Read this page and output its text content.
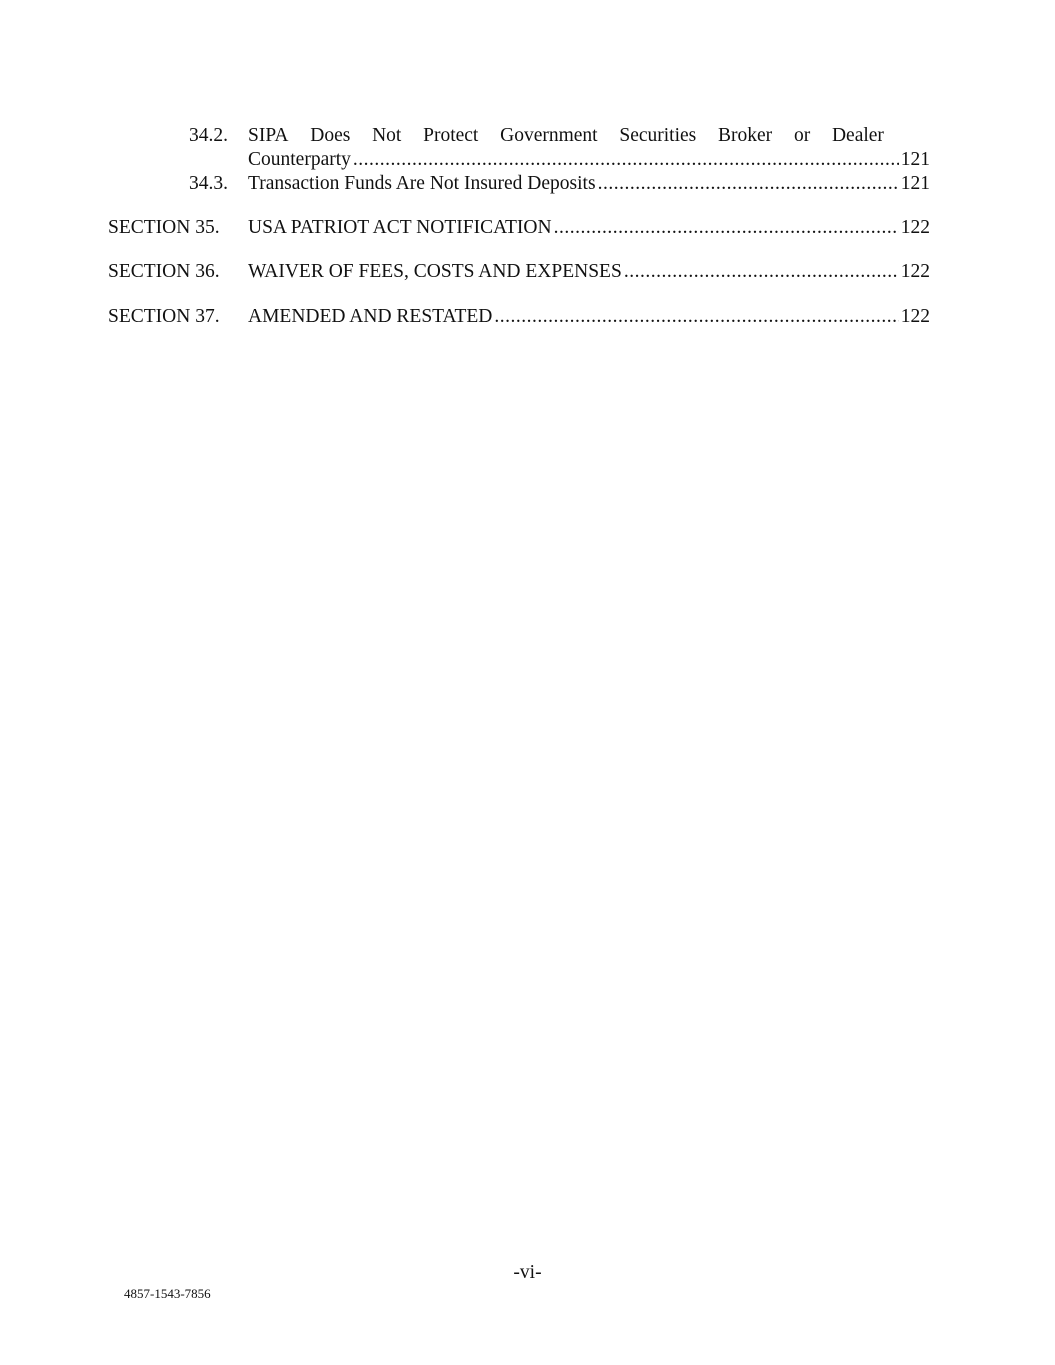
34.2. SIPA Does Not Protect Government Securities Broker or Dealer
Counterparty .....	121
34.3. Transaction Funds Are Not Insured Deposits .....	121
SECTION 35. USA PATRIOT ACT NOTIFICATION .....	122
SECTION 36. WAIVER OF FEES, COSTS AND EXPENSES .....	122
SECTION 37. AMENDED AND RESTATED .....	122
-vi-
4857-1543-7856
